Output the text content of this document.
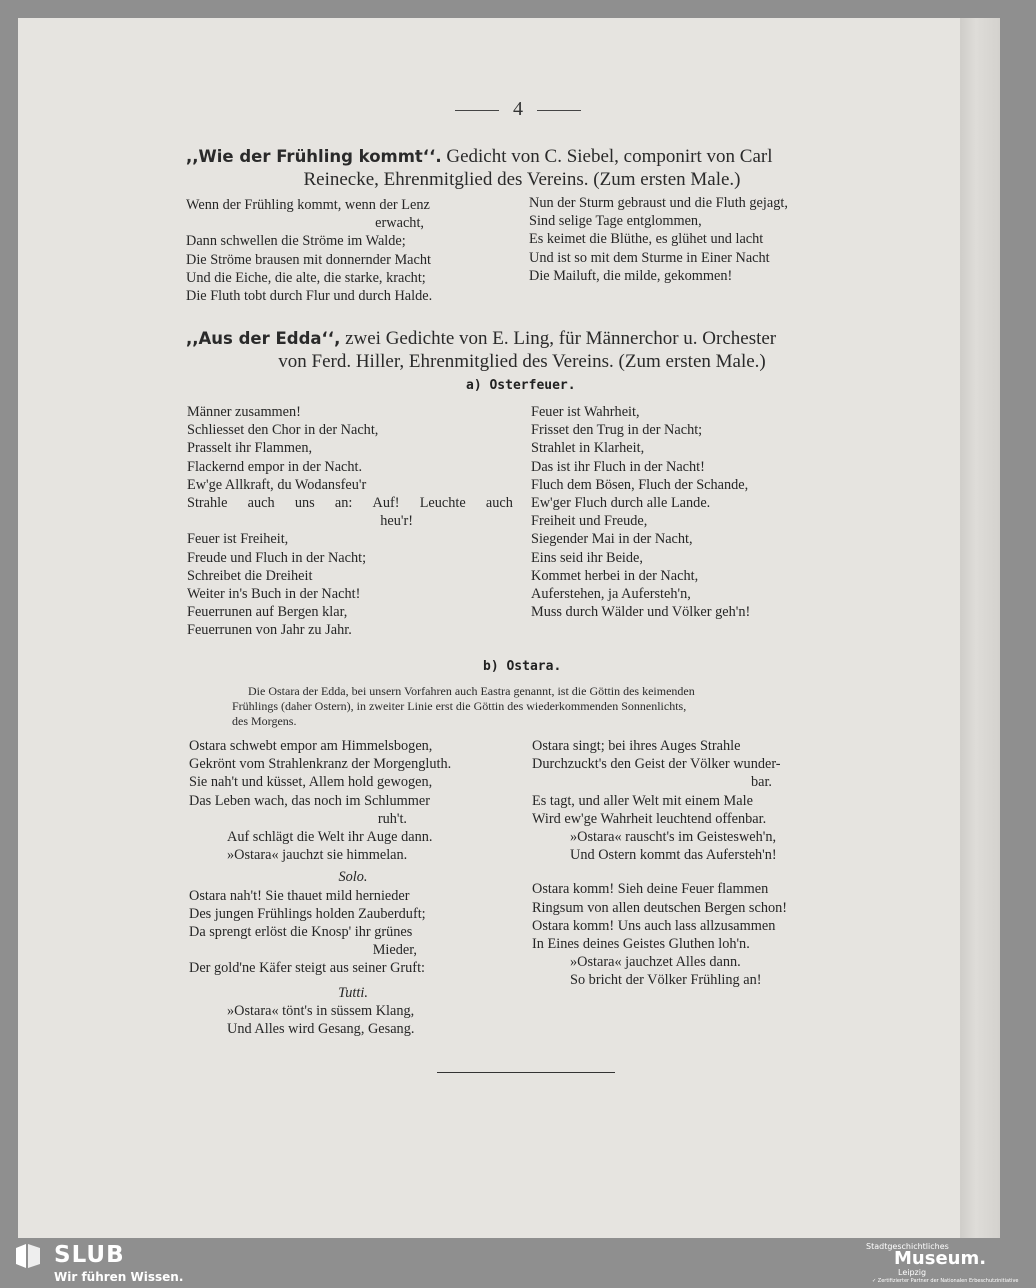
4
,,Wie der Frühling kommt‘‘. Gedicht von C. Siebel, componirt von Carl
Reinecke, Ehrenmitglied des Vereins. (Zum ersten Male.)
Wenn der Frühling kommt, wenn der Lenz
erwacht,
Dann schwellen die Ströme im Walde;
Die Ströme brausen mit donnernder Macht
Und die Eiche, die alte, die starke, kracht;
Die Fluth tobt durch Flur und durch Halde.
Nun der Sturm gebraust und die Fluth gejagt,
Sind selige Tage entglommen,
Es keimet die Blüthe, es glühet und lacht
Und ist so mit dem Sturme in Einer Nacht
Die Mailuft, die milde, gekommen!
,,Aus der Edda‘‘, zwei Gedichte von E. Ling, für Männerchor u. Orchester
von Ferd. Hiller, Ehrenmitglied des Vereins. (Zum ersten Male.)
a) Osterfeuer.
Männer zusammen!
Schliesset den Chor in der Nacht,
Prasselt ihr Flammen,
Flackernd empor in der Nacht.
Ew'ge Allkraft, du Wodansfeu'r
Strahle auch uns an: Auf! Leuchte auch
heu'r!
Feuer ist Freiheit,
Freude und Fluch in der Nacht;
Schreibet die Dreiheit
Weiter in's Buch in der Nacht!
Feuerrunen auf Bergen klar,
Feuerrunen von Jahr zu Jahr.
Feuer ist Wahrheit,
Frisset den Trug in der Nacht;
Strahlet in Klarheit,
Das ist ihr Fluch in der Nacht!
Fluch dem Bösen, Fluch der Schande,
Ew'ger Fluch durch alle Lande.
Freiheit und Freude,
Siegender Mai in der Nacht,
Eins seid ihr Beide,
Kommet herbei in der Nacht,
Auferstehen, ja Aufersteh'n,
Muss durch Wälder und Völker geh'n!
b) Ostara.
Die Ostara der Edda, bei unsern Vorfahren auch Eastra genannt, ist die Göttin des keimenden
Frühlings (daher Ostern), in zweiter Linie erst die Göttin des wiederkommenden Sonnenlichts,
des Morgens.
Ostara schwebt empor am Himmelsbogen,
Gekrönt vom Strahlenkranz der Morgengluth.
Sie nah't und küsset, Allem hold gewogen,
Das Leben wach, das noch im Schlummer
ruh't.
Auf schlägt die Welt ihr Auge dann.
»Ostara« jauchzt sie himmelan.
Solo.
Ostara nah't! Sie thauet mild hernieder
Des jungen Frühlings holden Zauberduft;
Da sprengt erlöst die Knosp' ihr grünes
Mieder,
Der gold'ne Käfer steigt aus seiner Gruft:
Tutti.
»Ostara« tönt's in süssem Klang,
Und Alles wird Gesang, Gesang.
Ostara singt; bei ihres Auges Strahle
Durchzuckt's den Geist der Völker wunder-
bar.
Es tagt, und aller Welt mit einem Male
Wird ew'ge Wahrheit leuchtend offenbar.
»Ostara« rauscht's im Geistesweh'n,
Und Ostern kommt das Aufersteh'n!
Ostara komm! Sieh deine Feuer flammen
Ringsum von allen deutschen Bergen schon!
Ostara komm! Uns auch lass allzusammen
In Eines deines Geistes Gluthen loh'n.
»Ostara« jauchzet Alles dann.
So bricht der Völker Frühling an!
SLUB
Wir führen Wissen.
Stadtgeschichtliches
Museum.
Leipzig
✓ Zertifizierter Partner der Nationalen Erbeschutzinitiative
